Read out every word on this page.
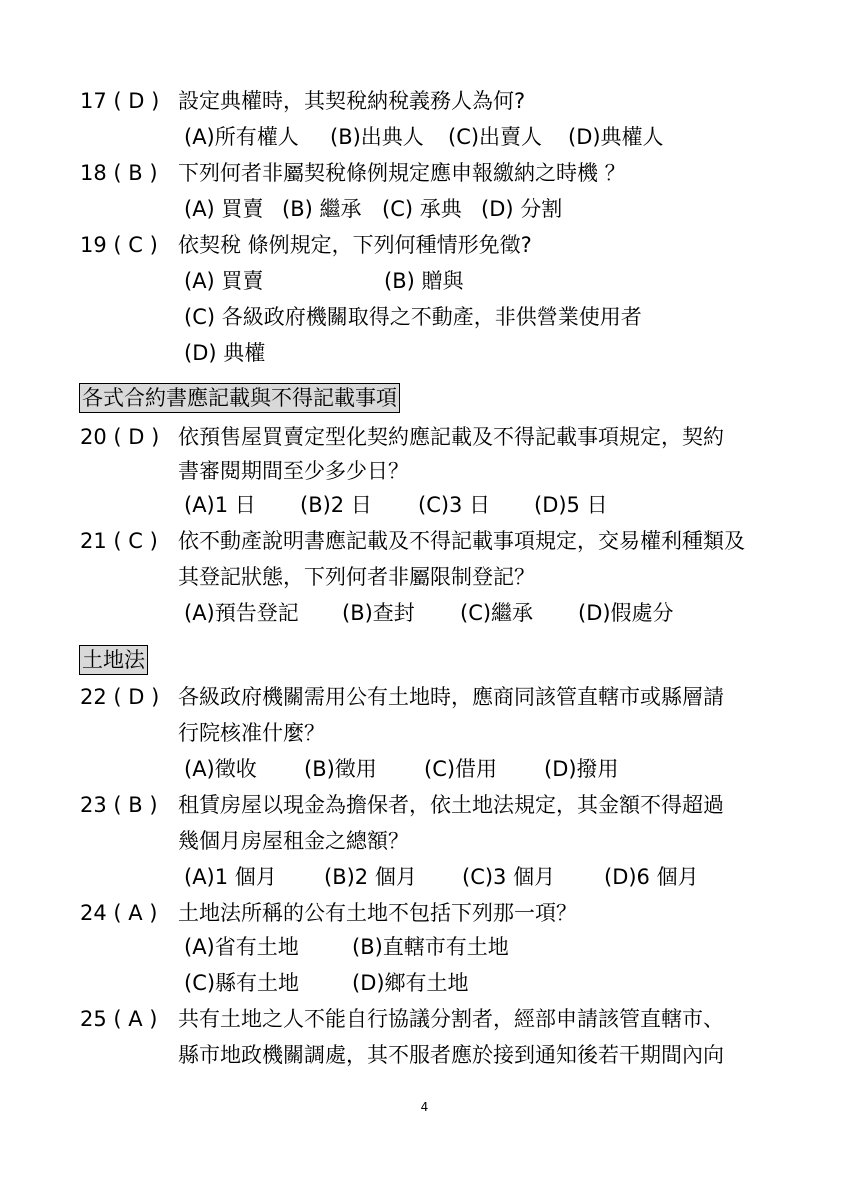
17 ( D ) 設定典權時，其契稅納稅義務人為何?
(A)所有權人 (B)出典人 (C)出賣人 (D)典權人
18 ( B ) 下列何者非屬契稅條例規定應申報繳納之時機 ？
(A) 買賣 (B) 繼承 (C) 承典 (D) 分割
19 ( C ) 依契稅 條例規定，下列何種情形免徵?
(A) 買賣	(B) 贈與
(C) 各級政府機關取得之不動產，非供營業使用者
(D) 典權
各式合約書應記載與不得記載事項
20 ( D ) 依預售屋買賣定型化契約應記載及不得記載事項規定，契約
書審閱期間至少多少日？
(A)1 日 (B)2 日 (C)3 日 (D)5 日
21 ( C ) 依不動產說明書應記載及不得記載事項規定，交易權利種類及
其登記狀態，下列何者非屬限制登記？
(A)預告登記 (B)查封 (C)繼承 (D)假處分
土地法
22 ( D ) 各級政府機關需用公有土地時，應商同該管直轄市或縣層請
行院核准什麼？
(A)徵收 (B)徵用 (C)借用 (D)撥用
23 ( B ) 租賃房屋以現金為擔保者，依土地法規定，其金額不得超過
幾個月房屋租金之總額？
(A)1 個月 (B)2 個月 (C)3 個月 (D)6 個月
24 ( A ) 土地法所稱的公有土地不包括下列那一項？
(A)省有土地	(B)直轄市有土地
(C)縣有土地	(D)鄉有土地
25 ( A ) 共有土地之人不能自行協議分割者，經部申請該管直轄市、
縣市地政機關調處，其不服者應於接到通知後若干期間內向
4
